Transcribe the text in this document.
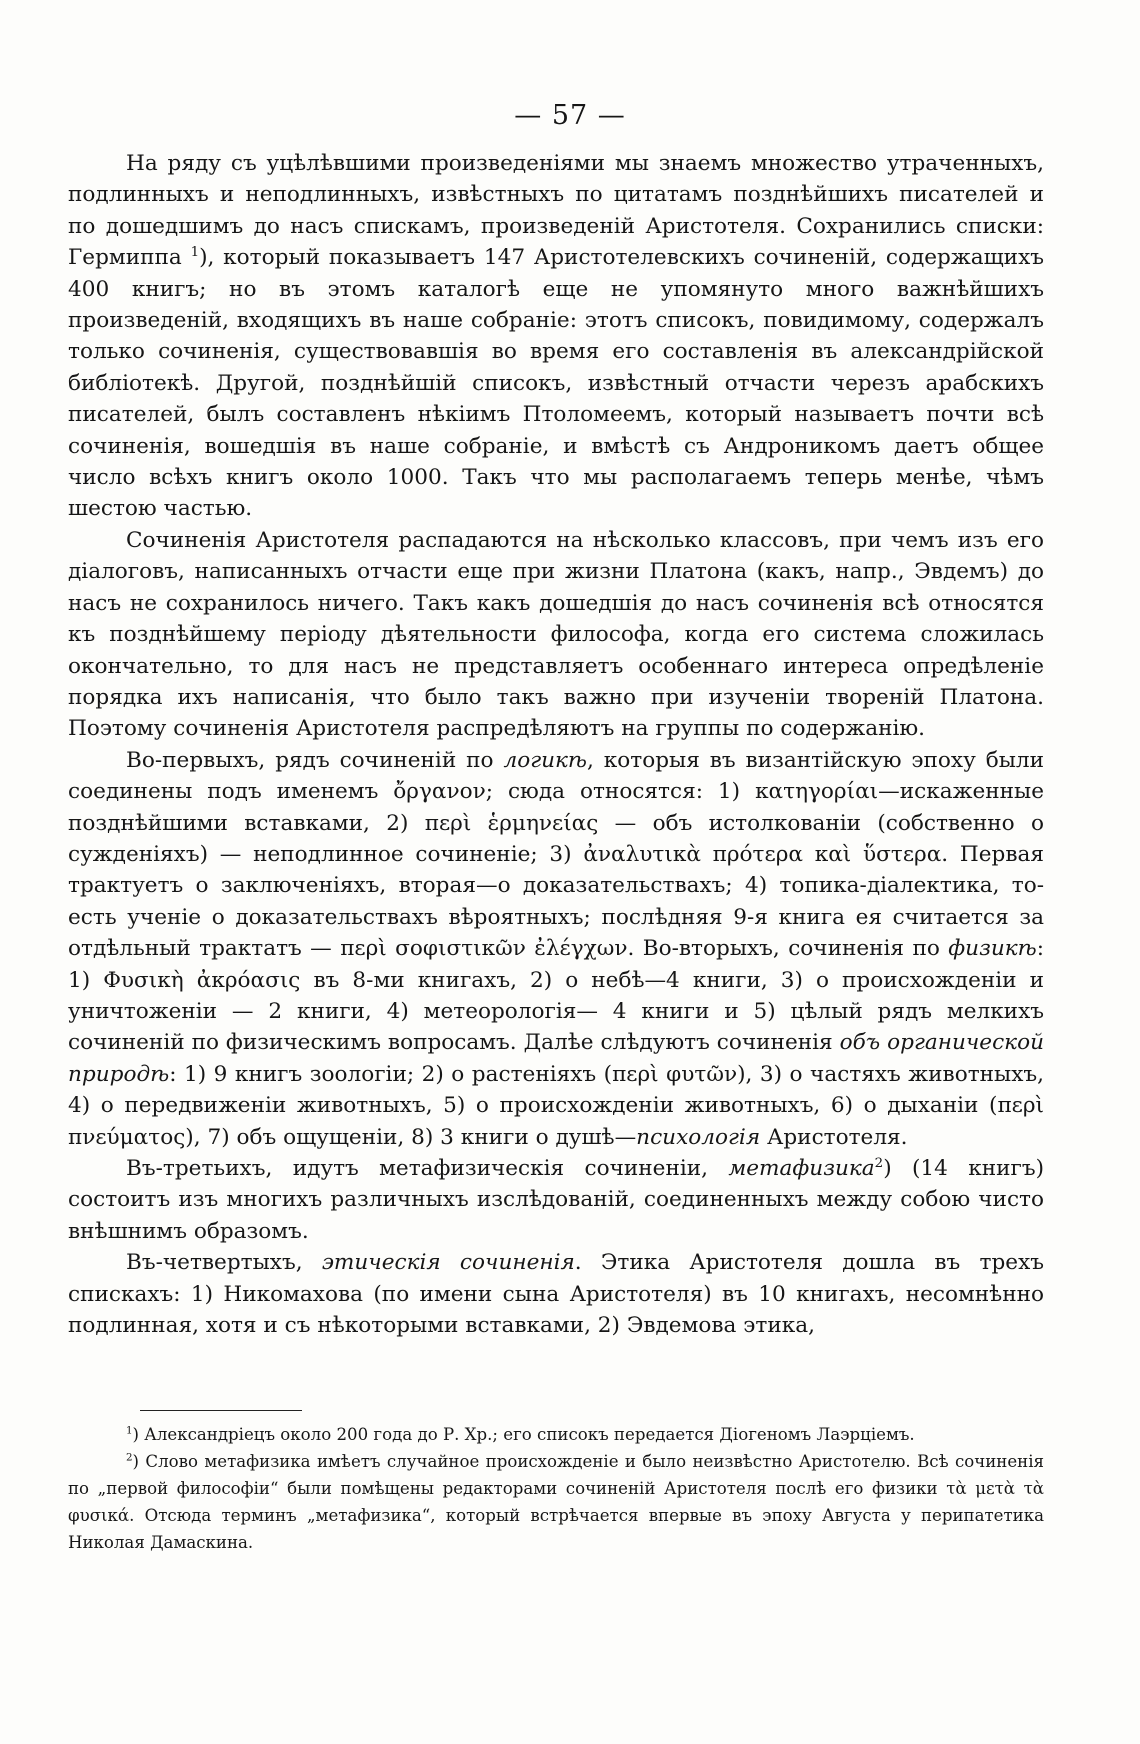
— 57 —

На ряду съ уцѣлѣвшими произведеніями мы знаемъ множество утраченныхъ, подлинныхъ и неподлинныхъ, извѣстныхъ по цитатамъ позднѣйшихъ писателей и по дошедшимъ до насъ спискамъ, произведеній Аристотеля. Сохранились списки: Гермиппа $^1$), который показываетъ 147 Аристотелевскихъ сочиненій, содержащихъ 400 книгъ; но въ этомъ каталогѣ еще не упомянуто много важнѣйшихъ произведеній, входящихъ въ наше собраніе: этотъ списокъ, повидимому, содержалъ только сочиненія, существовавшія во время его составленія въ александрійской библіотекѣ. Другой, позднѣйшій списокъ, извѣстный отчасти черезъ арабскихъ писателей, былъ составленъ нѣкіимъ Птоломеемъ, который называетъ почти всѣ сочиненія, вошедшія въ наше собраніе, и вмѣстѣ съ Андроникомъ даетъ общее число всѣхъ книгъ около 1000. Такъ что мы располагаемъ теперь менѣе, чѣмъ шестою частью.

Сочиненія Аристотеля распадаются на нѣсколько классовъ, при чемъ изъ его діалоговъ, написанныхъ отчасти еще при жизни Платона (какъ, напр., Эвдемъ) до насъ не сохранилось ничего. Такъ какъ дошедшія до насъ сочиненія всѣ относятся къ позднѣйшему періоду дѣятельности философа, когда его система сложилась окончательно, то для насъ не представляетъ особеннаго интереса опредѣленіе порядка ихъ написанія, что было такъ важно при изученіи твореній Платона. Поэтому сочиненія Аристотеля распредѣляютъ на группы по содержанію.

Во-первыхъ, рядъ сочиненій по логикѣ, которыя въ византійскую эпоху были соединены подъ именемъ ὄργανον; сюда относятся: 1) κατηγορίαι—искаженные позднѣйшими вставками, 2) περὶ ἑρμηνείας — объ истолкованіи (собственно о сужденіяхъ) — неподлинное сочиненіе; 3) ἀναλυτικὰ πρότερα καὶ ὕστερα. Первая трактуетъ о заключеніяхъ, вторая—о доказательствахъ; 4) топика-діалектика, то-есть ученіе о доказательствахъ вѣроятныхъ; послѣдняя 9-я книга ея считается за отдѣльный трактатъ — περὶ σοφιστικῶν ἐλέγχων. Во-вторыхъ, сочиненія по физикѣ: 1) Φυσικὴ ἀκρόασις въ 8-ми книгахъ, 2) о небѣ—4 книги, 3) о происхожденіи и уничтоженіи — 2 книги, 4) метеорологія— 4 книги и 5) цѣлый рядъ мелкихъ сочиненій по физическимъ вопросамъ. Далѣе слѣдуютъ сочиненія объ органической природѣ: 1) 9 книгъ зоологіи; 2) о растеніяхъ (περὶ φυτῶν), 3) о частяхъ животныхъ, 4) о передвиженіи животныхъ, 5) о происхожденіи животныхъ, 6) о дыханіи (περὶ πνεύματος), 7) объ ощущеніи, 8) 3 книги о душѣ—психологія Аристотеля.

Въ-третьихъ, идутъ метафизическія сочиненіи, метафизика$^2$) (14 книгъ) состоитъ изъ многихъ различныхъ изслѣдованій, соединенныхъ между собою чисто внѣшнимъ образомъ.

Въ-четвертыхъ, этическія сочиненія. Этика Аристотеля дошла въ трехъ спискахъ: 1) Никомахова (по имени сына Аристотеля) въ 10 книгахъ, несомнѣнно подлинная, хотя и съ нѣкоторыми вставками, 2) Эвдемова этика,

$^1$) Александріецъ около 200 года до Р. Хр.; его списокъ передается Діогеномъ Лаэрціемъ.

$^2$) Слово метафизика имѣетъ случайное происхожденіе и было неизвѣстно Аристотелю. Всѣ сочиненія по „первой философіи“ были помѣщены редакторами сочиненій Аристотеля послѣ его физики τὰ μετὰ τὰ φυσικά. Отсюда терминъ „метафизика“, который встрѣчается впервые въ эпоху Августа у перипатетика Николая Дамаскина.
